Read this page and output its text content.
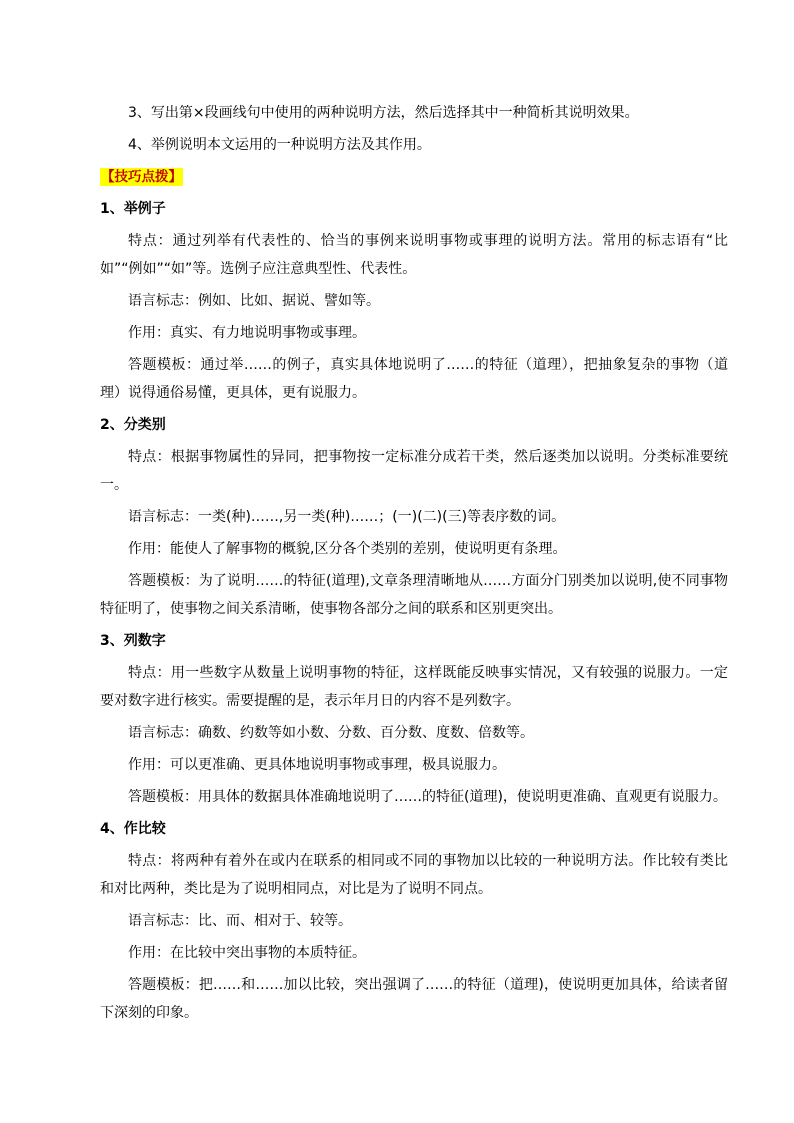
3、写出第×段画线句中使用的两种说明方法，然后选择其中一种简析其说明效果。
4、举例说明本文运用的一种说明方法及其作用。
【技巧点拨】
1、举例子
特点：通过列举有代表性的、恰当的事例来说明事物或事理的说明方法。常用的标志语有“比如”“例如”“如”等。选例子应注意典型性、代表性。
语言标志：例如、比如、据说、譬如等。
作用：真实、有力地说明事物或事理。
答题模板：通过举……的例子，真实具体地说明了……的特征（道理），把抽象复杂的事物（道理）说得通俗易懂，更具体，更有说服力。
2、分类别
特点：根据事物属性的异同，把事物按一定标准分成若干类，然后逐类加以说明。分类标准要统一。
语言标志：一类(种)……,另一类(种)……；(一)(二)(三)等表序数的词。
作用：能使人了解事物的概貌,区分各个类别的差别，使说明更有条理。
答题模板：为了说明……的特征(道理),文章条理清晰地从……方面分门别类加以说明,使不同事物特征明了，使事物之间关系清晰，使事物各部分之间的联系和区别更突出。
3、列数字
特点：用一些数字从数量上说明事物的特征，这样既能反映事实情况，又有较强的说服力。一定要对数字进行核实。需要提醒的是，表示年月日的内容不是列数字。
语言标志：确数、约数等如小数、分数、百分数、度数、倍数等。
作用：可以更准确、更具体地说明事物或事理，极具说服力。
答题模板：用具体的数据具体准确地说明了……的特征(道理)，使说明更准确、直观更有说服力。
4、作比较
特点：将两种有着外在或内在联系的相同或不同的事物加以比较的一种说明方法。作比较有类比和对比两种，类比是为了说明相同点，对比是为了说明不同点。
语言标志：比、而、相对于、较等。
作用：在比较中突出事物的本质特征。
答题模板：把……和……加以比较，突出强调了……的特征（道理)，使说明更加具体，给读者留下深刻的印象。
